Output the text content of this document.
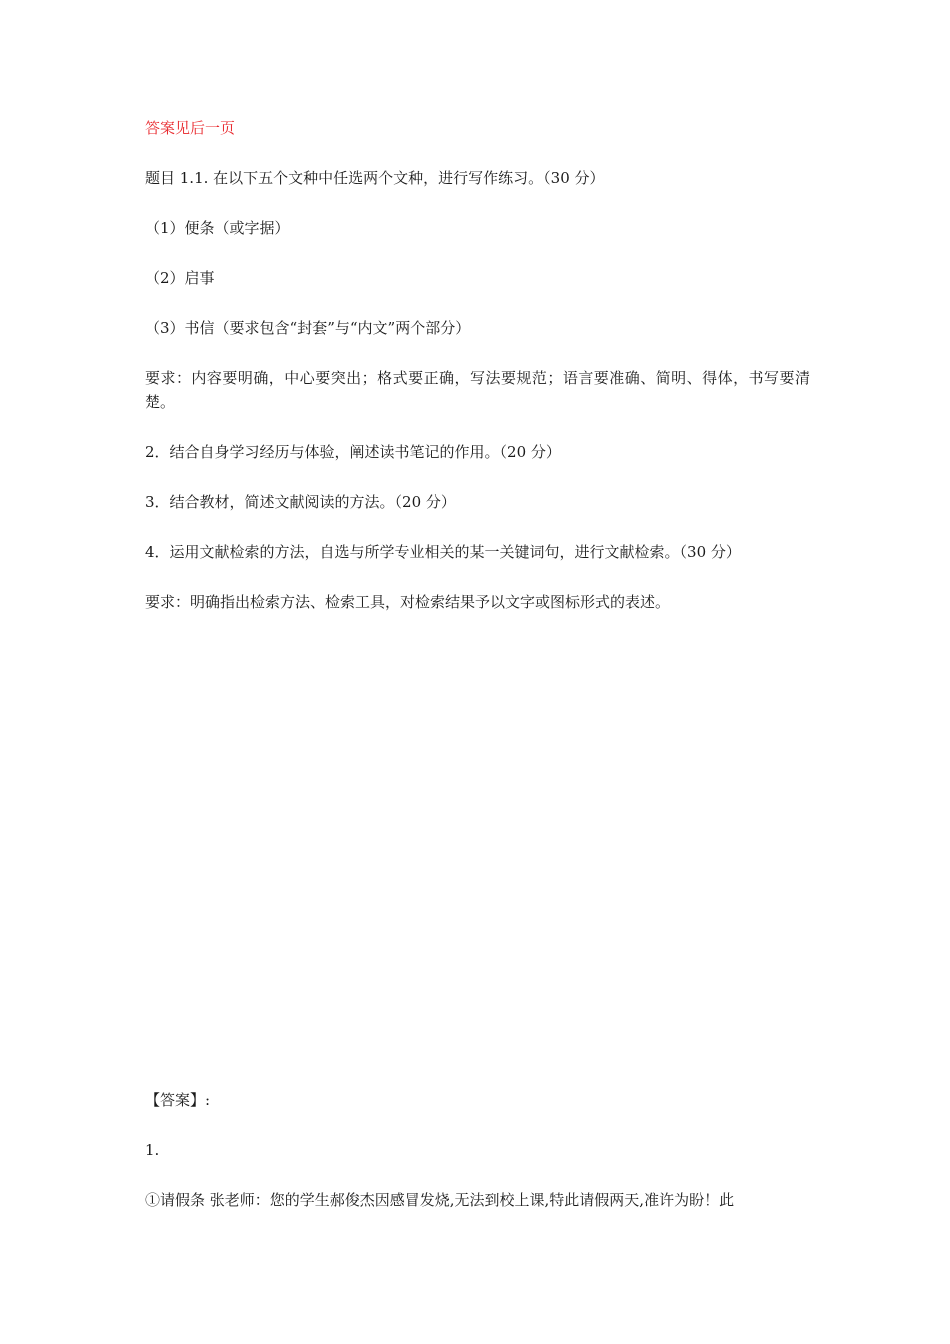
答案见后一页
题目 1.1. 在以下五个文种中任选两个文种，进行写作练习。（30 分）
（1）便条（或字据）
（2）启事
（3）书信（要求包含“封套”与“内文”两个部分）
要求：内容要明确，中心要突出；格式要正确，写法要规范；语言要准确、简明、得体，书写要清楚。
2．结合自身学习经历与体验，阐述读书笔记的作用。（20 分）
3．结合教材，简述文献阅读的方法。（20 分）
4．运用文献检索的方法，自选与所学专业相关的某一关键词句，进行文献检索。（30 分）
要求：明确指出检索方法、检索工具，对检索结果予以文字或图标形式的表述。
【答案】:
1.
①请假条 张老师：您的学生郝俊杰因感冒发烧,无法到校上课,特此请假两天,准许为盼！此
